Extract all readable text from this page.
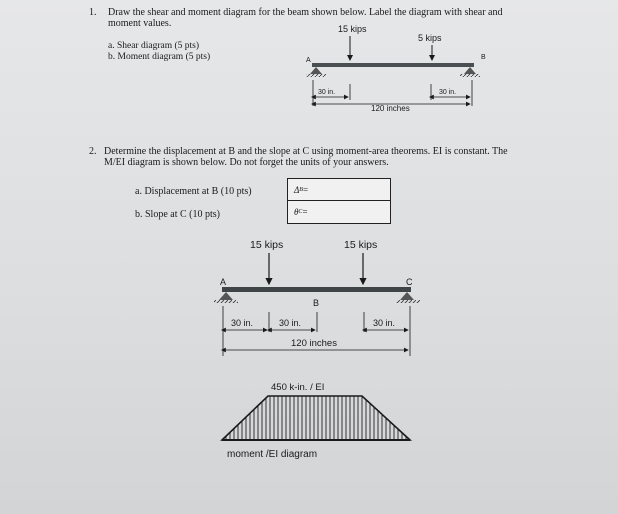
1. Draw the shear and moment diagram for the beam shown below. Label the diagram with shear and
moment values.
a. Shear diagram (5 pts)
b. Moment diagram (5 pts)
2. Determine the displacement at B and the slope at C using moment-area theorems. EI is constant. The
M/EI diagram is shown below. Do not forget the units of your answers.
a. Displacement at B (10 pts)
b. Slope at C (10 pts)
Δ B =
θ C =
15 kips
5 kips
A	B
30 in.	30 in.
120 inches
15 kips	15 kips
A	C
B
30 in.	30 in.	30 in.
120 inches
450 k-in. / EI
moment /EI diagram
